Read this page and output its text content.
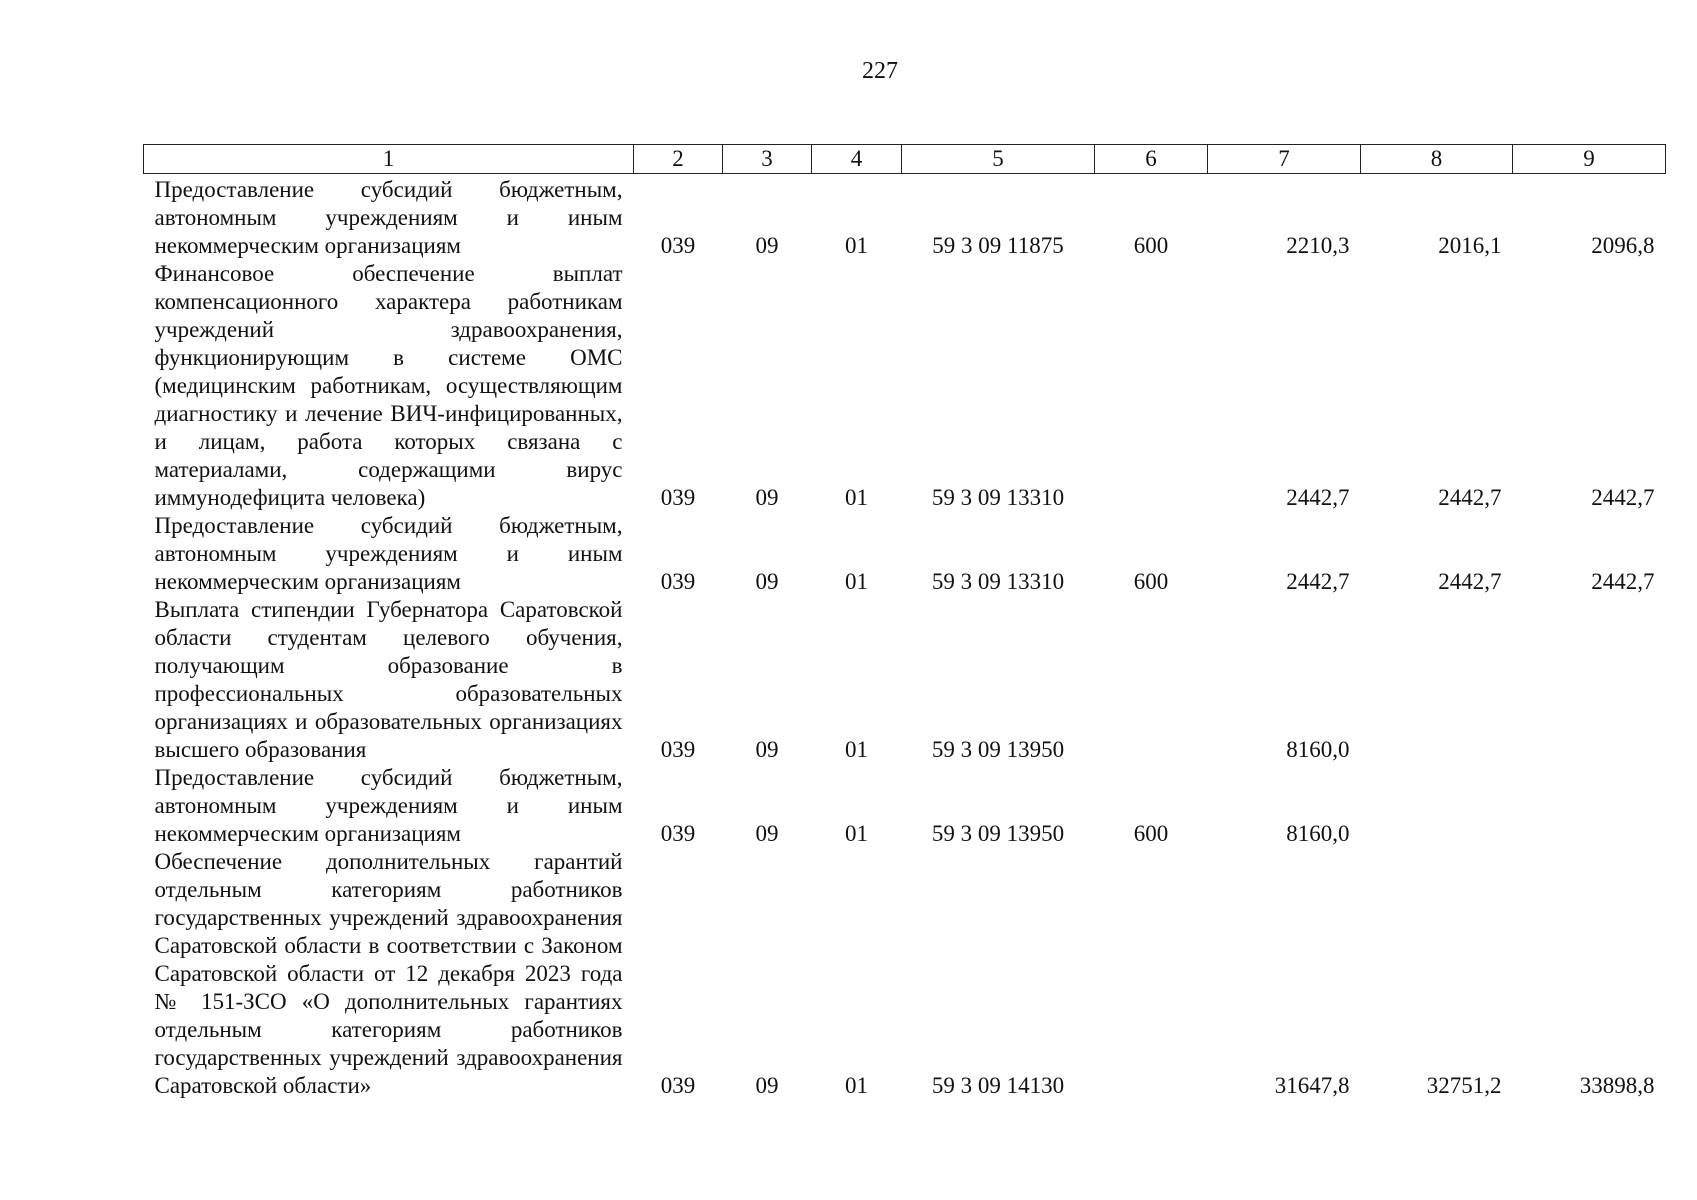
227
1	2	3	4	5	6	7	8	9
Предоставление субсидий бюджетным, автономным учреждениям и иным некоммерческим организациям	039	09	01	59 3 09 11875	600	2210,3	2016,1	2096,8
Финансовое обеспечение выплат компенсационного характера работникам учреждений здравоохранения, функционирующим в системе ОМС (медицинским работникам, осуществляющим диагностику и лечение ВИЧ-инфицированных, и лицам, работа которых связана с материалами, содержащими вирус иммунодефицита человека)	039	09	01	59 3 09 13310		2442,7	2442,7	2442,7
Предоставление субсидий бюджетным, автономным учреждениям и иным некоммерческим организациям	039	09	01	59 3 09 13310	600	2442,7	2442,7	2442,7
Выплата стипендии Губернатора Саратовской области студентам целевого обучения, получающим образование в профессиональных образовательных организациях и образовательных организациях высшего образования	039	09	01	59 3 09 13950		8160,0		
Предоставление субсидий бюджетным, автономным учреждениям и иным некоммерческим организациям	039	09	01	59 3 09 13950	600	8160,0		
Обеспечение дополнительных гарантий отдельным категориям работников государственных учреждений здравоохранения Саратовской области в соответствии с Законом Саратовской области от 12 декабря 2023 года № 151-ЗСО «О дополнительных гарантиях отдельным категориям работников государственных учреждений здравоохранения Саратовской области»	039	09	01	59 3 09 14130		31647,8	32751,2	33898,8
